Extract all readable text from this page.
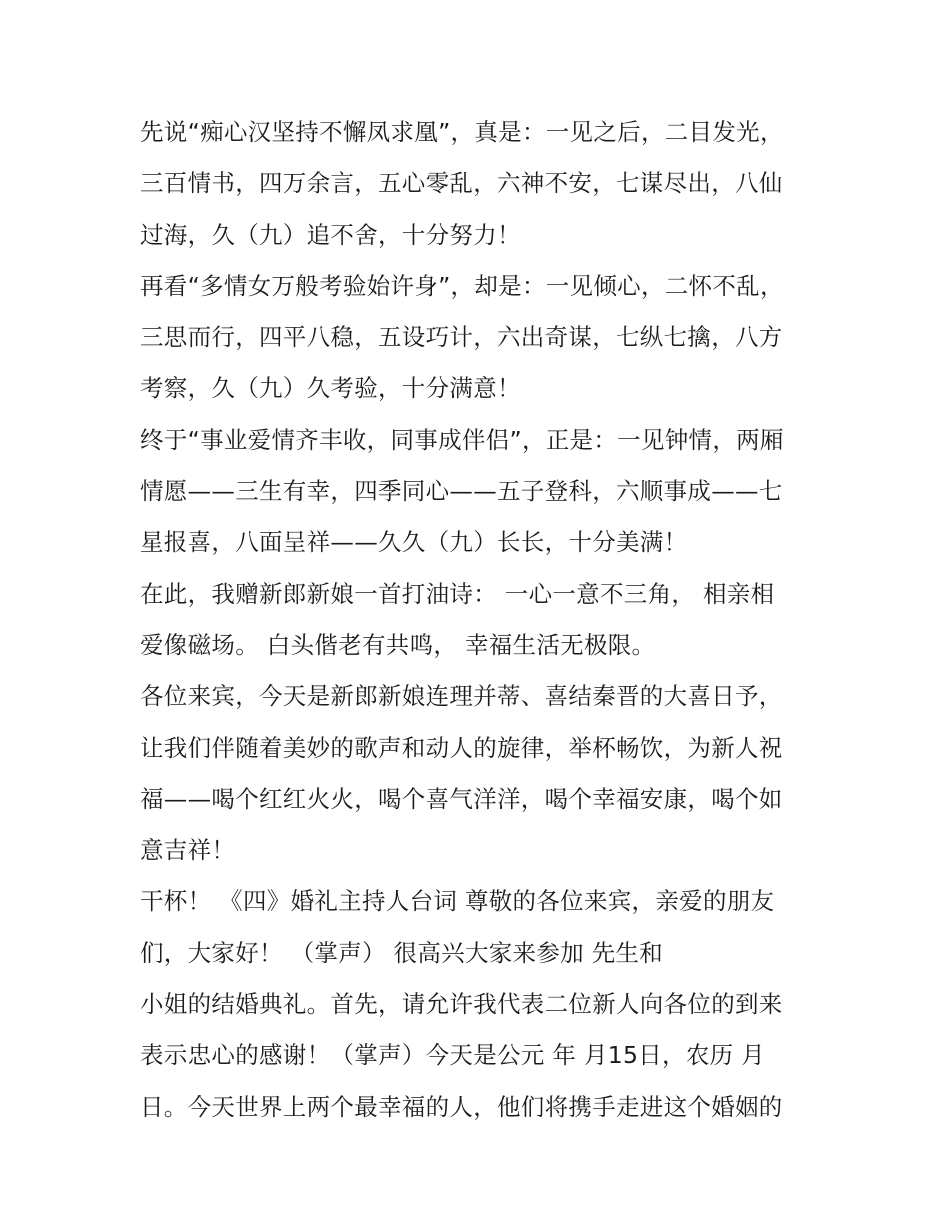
先说“痴心汉坚持不懈凤求凰”，真是：一见之后，二目发光，
三百情书，四万余言，五心零乱，六神不安，七谋尽出，八仙
过海，久（九）追不舍，十分努力！
再看“多情女万般考验始许身”，却是：一见倾心，二怀不乱，
三思而行，四平八稳，五设巧计，六出奇谋，七纵七擒，八方
考察，久（九）久考验，十分满意！
终于“事业爱情齐丰收，同事成伴侣”，正是：一见钟情，两厢
情愿——三生有幸，四季同心——五子登科，六顺事成——七
星报喜，八面呈祥——久久（九）长长，十分美满！
在此，我赠新郎新娘一首打油诗： 一心一意不三角， 相亲相
爱像磁场。 白头偕老有共鸣， 幸福生活无极限。
各位来宾，今天是新郎新娘连理并蒂、喜结秦晋的大喜日予，
让我们伴随着美妙的歌声和动人的旋律，举杯畅饮，为新人祝
福——喝个红红火火，喝个喜气洋洋，喝个幸福安康，喝个如
意吉祥！
干杯！ 《四》婚礼主持人台词 尊敬的各位来宾，亲爱的朋友
们，大家好！ （掌声） 很高兴大家来参加 先生和
小姐的结婚典礼。首先，请允许我代表二位新人向各位的到来
表示忠心的感谢！（掌声）今天是公元 年 月15日，农历 月
日。今天世界上两个最幸福的人，他们将携手走进这个婚姻的
